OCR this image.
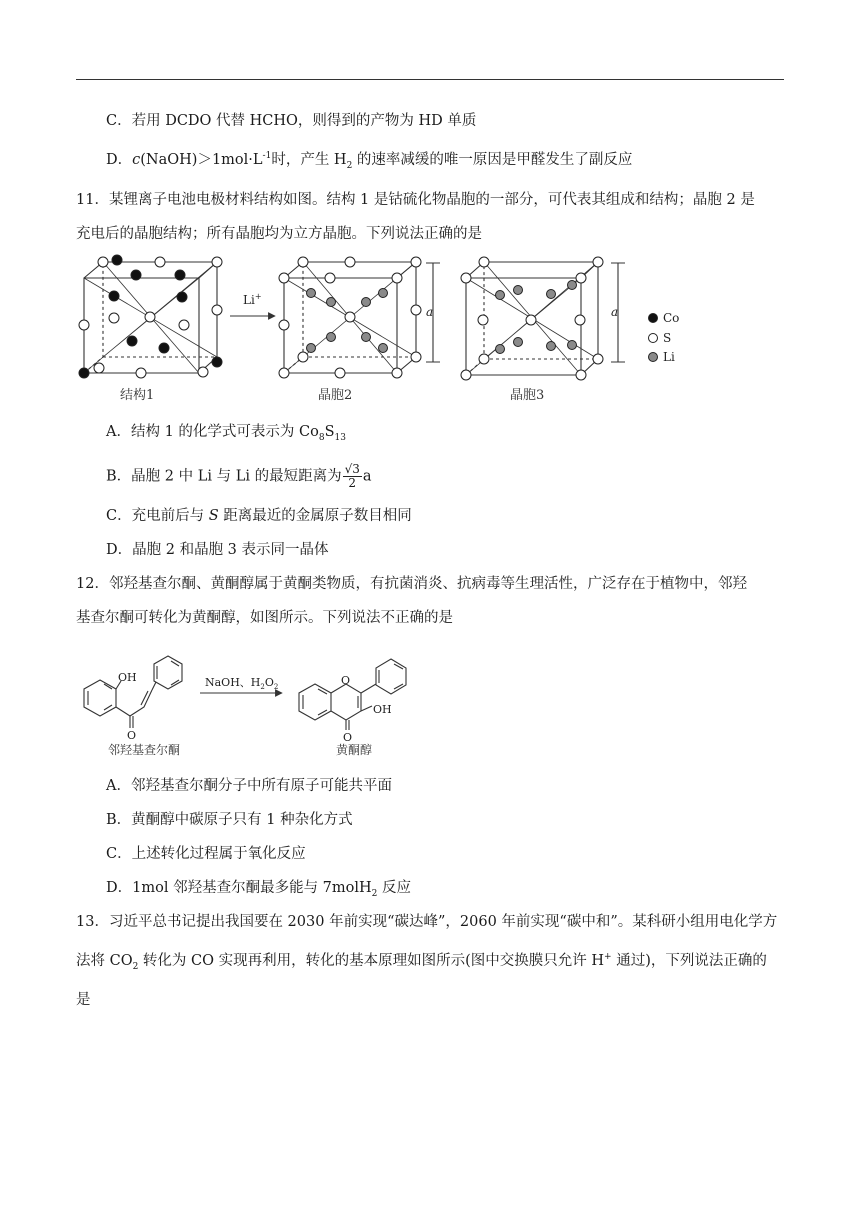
C．若用 DCDO 代替 HCHO，则得到的产物为 HD 单质
D．$c(NaOH)>1mol\cdot L^{-1}$时，产生 $H_2$ 的速率减缓的唯一原因是甲醛发生了副反应
11．某锂离子电池电极材料结构如图。结构 1 是钴硫化物晶胞的一部分，可代表其组成和结构；晶胞 2 是
充电后的晶胞结构；所有晶胞均为立方晶胞。下列说法正确的是
Li+
a	a	Co
S
Li
结构1	晶胞2	晶胞3
A．结构 1 的化学式可表示为 $Co_8S_{13}$
B．晶胞 2 中 Li 与 Li 的最短距离为 $\frac{√3}{2}$ a
C．充电前后与 S 距离最近的金属原子数目相同
D．晶胞 2 和晶胞 3 表示同一晶体
12．邻羟基查尔酮、黄酮醇属于黄酮类物质，有抗菌消炎、抗病毒等生理活性，广泛存在于植物中，邻羟
基查尔酮可转化为黄酮醇，如图所示。下列说法不正确的是
OH
O
O
OH
O
NaOH、$H_2O_2$
邻羟基查尔酮	黄酮醇
A．邻羟基查尔酮分子中所有原子可能共平面
B．黄酮醇中碳原子只有 1 种杂化方式
C．上述转化过程属于氧化反应
D．1mol 邻羟基查尔酮最多能与 7molH$_2$ 反应
13．习近平总书记提出我国要在 2030 年前实现“碳达峰”，2060 年前实现“碳中和”。某科研小组用电化学方
法将 $CO_2$ 转化为 CO 实现再利用，转化的基本原理如图所示(图中交换膜只允许 H+ 通过)，下列说法正确的
是
